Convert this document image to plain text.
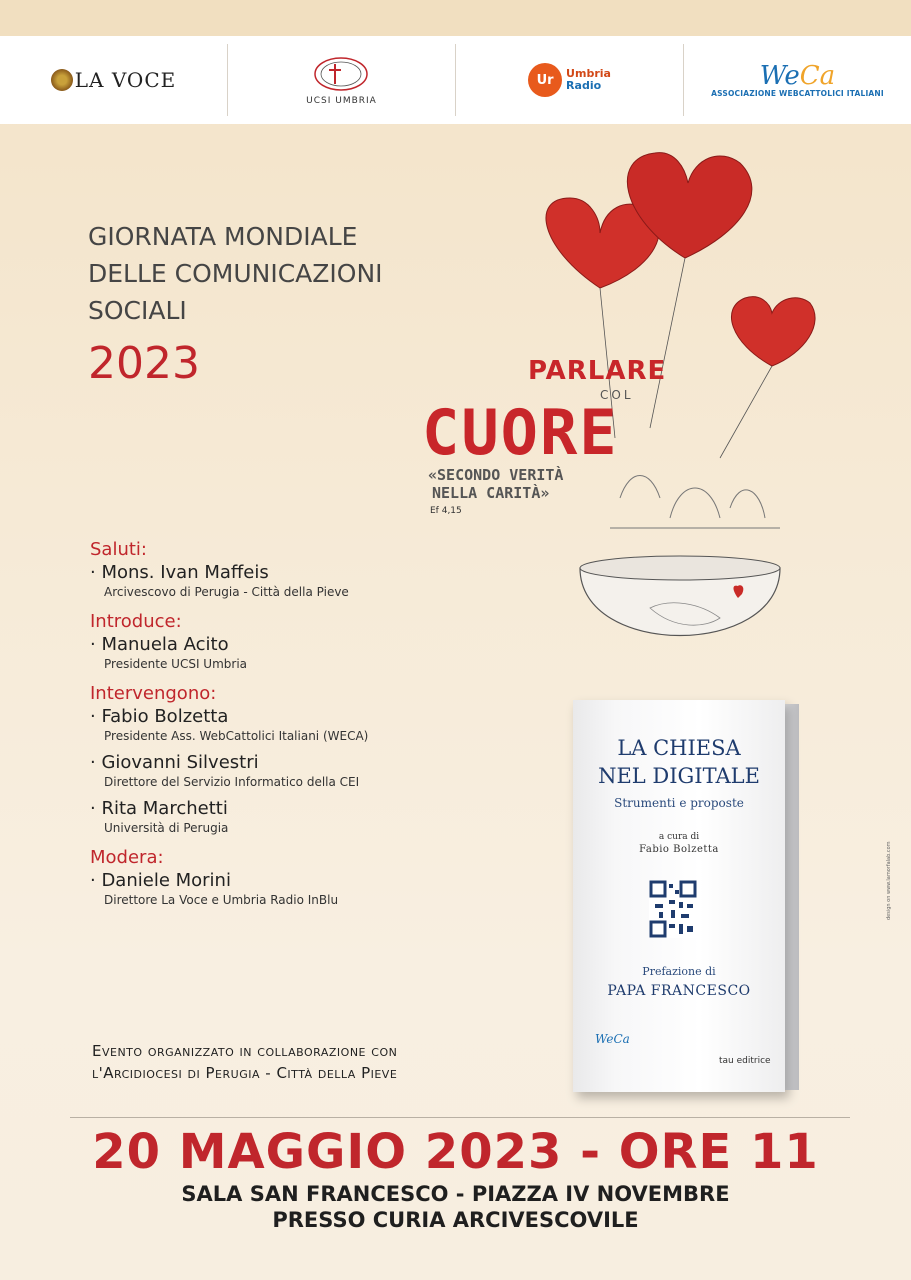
LA VOCE
UCSI UMBRIA
Ur	Umbria
Radio	WeCa
ASSOCIAZIONE WEBCATTOLICI ITALIANI
GIORNATA MONDIALE
DELLE COMUNICAZIONI
SOCIALI
2023	PARLARE
COL
CUORE
«SECONDO VERITÀ
NELLA CARITÀ»
Ef 4,15
Saluti:
· Mons. Ivan Maffeis
Arcivescovo di Perugia - Città della Pieve
Introduce:
· Manuela Acito
Presidente UCSI Umbria
Intervengono:
· Fabio Bolzetta
Presidente Ass. WebCattolici Italiani (WECA)
· Giovanni Silvestri
Direttore del Servizio Informatico della CEI
· Rita Marchetti
Università di Perugia
Modera:
· Daniele Morini
Direttore La Voce e Umbria Radio InBlu
Evento organizzato in collaborazione con
l'Arcidiocesi di Perugia - Città della Pieve
LA CHIESA
NEL DIGITALE
Strumenti e proposte
a cura di
Fabio Bolzetta
Prefazione di
PAPA FRANCESCO
WeCa
tau editrice
design on www.lamorfalab.com
20 MAGGIO 2023 - ORE 11
SALA SAN FRANCESCO - PIAZZA IV NOVEMBRE
PRESSO CURIA ARCIVESCOVILE
